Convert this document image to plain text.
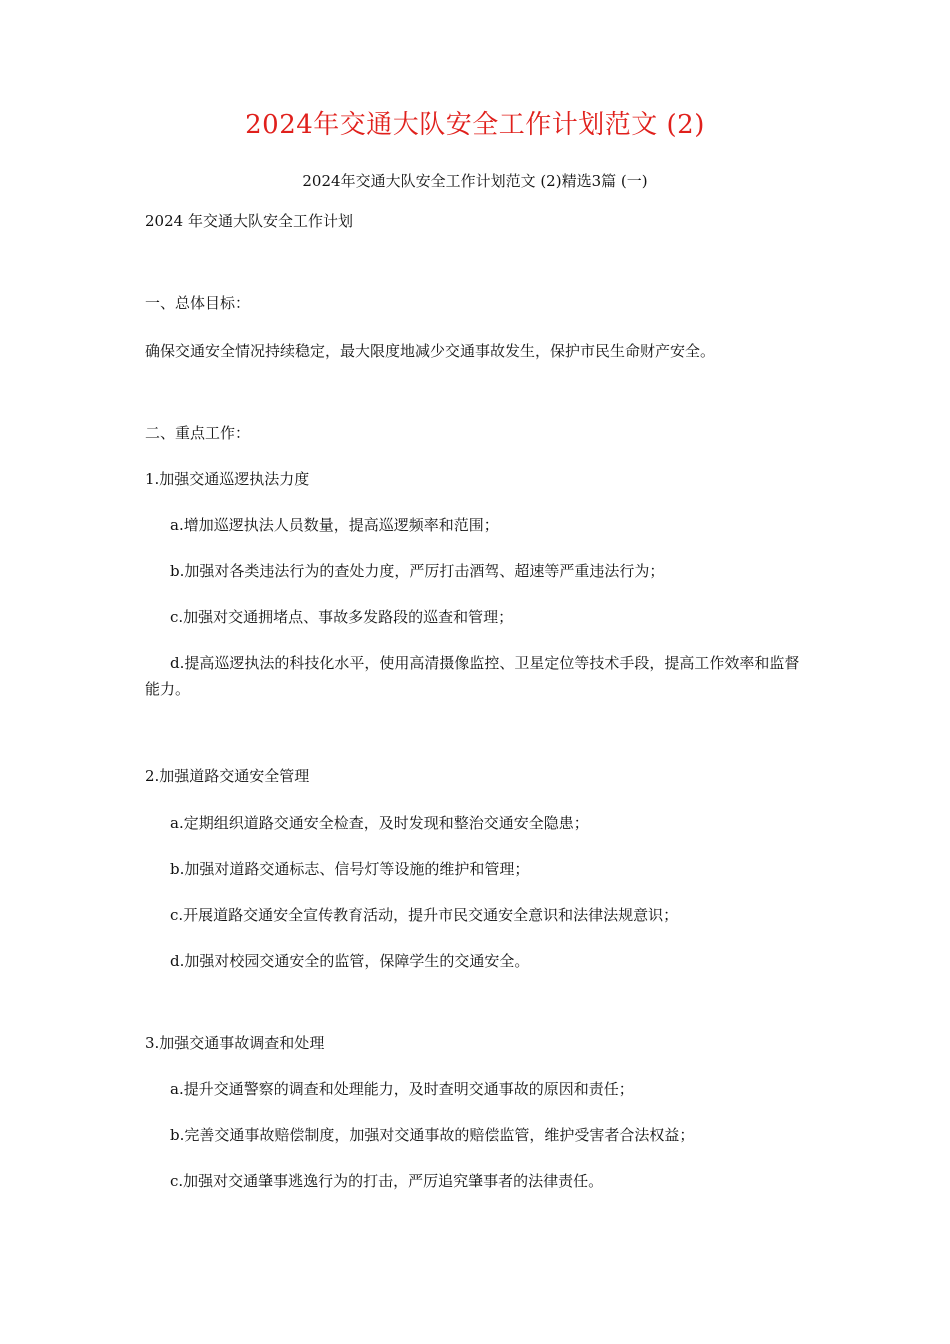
2024年交通大队安全工作计划范文 (2)
2024年交通大队安全工作计划范文 (2)精选3篇 (一)
2024 年交通大队安全工作计划
一、总体目标：
确保交通安全情况持续稳定，最大限度地减少交通事故发生，保护市民生命财产安全。
二、重点工作：
1.加强交通巡逻执法力度
a.增加巡逻执法人员数量，提高巡逻频率和范围；
b.加强对各类违法行为的查处力度，严厉打击酒驾、超速等严重违法行为；
c.加强对交通拥堵点、事故多发路段的巡查和管理；
d.提高巡逻执法的科技化水平，使用高清摄像监控、卫星定位等技术手段，提高工作效率和监督能力。
2.加强道路交通安全管理
a.定期组织道路交通安全检查，及时发现和整治交通安全隐患；
b.加强对道路交通标志、信号灯等设施的维护和管理；
c.开展道路交通安全宣传教育活动，提升市民交通安全意识和法律法规意识；
d.加强对校园交通安全的监管，保障学生的交通安全。
3.加强交通事故调查和处理
a.提升交通警察的调查和处理能力，及时查明交通事故的原因和责任；
b.完善交通事故赔偿制度，加强对交通事故的赔偿监管，维护受害者合法权益；
c.加强对交通肇事逃逸行为的打击，严厉追究肇事者的法律责任。
